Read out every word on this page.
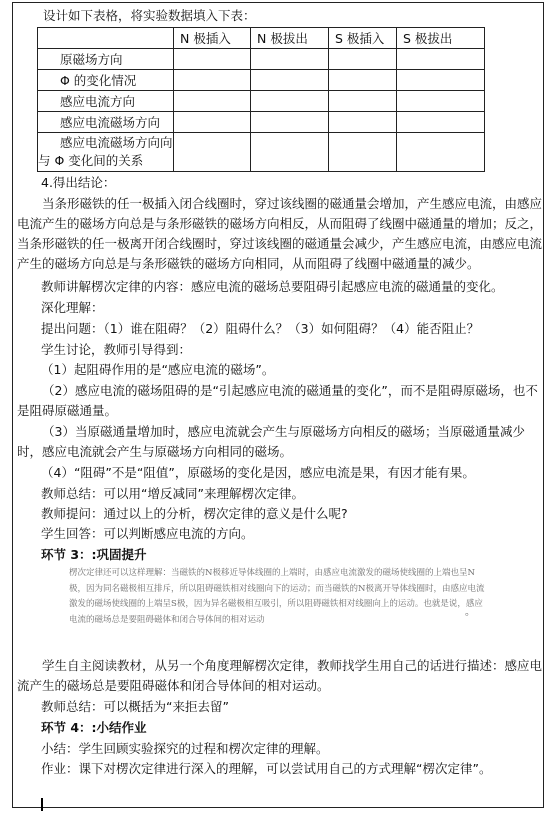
设计如下表格，将实验数据填入下表：
	N 极插入	N 极拔出	S 极插入	S 极拔出
原磁场方向				
Φ 的变化情况				
感应电流方向				
感应电流磁场方向				

感应电流磁场方向向
与 Φ 变化间的关系				

4.得出结论：
当条形磁铁的任一极插入闭合线圈时，穿过该线圈的磁通量会增加，产生感应电流，由感应电流产生的磁场方向总是与条形磁铁的磁场方向相反，从而阻碍了线圈中磁通量的增加；反之，当条形磁铁的任一极离开闭合线圈时，穿过该线圈的磁通量会减少，产生感应电流，由感应电流产生的磁场方向总是与条形磁铁的磁场方向相同，从而阻碍了线圈中磁通量的减少。
教师讲解楞次定律的内容：感应电流的磁场总要阻碍引起感应电流的磁通量的变化。
深化理解：
提出问题：（1）谁在阻碍？（2）阻碍什么？（3）如何阻碍？（4）能否阻止？
学生讨论，教师引导得到：
（1）起阻碍作用的是“感应电流的磁场”。
（2）感应电流的磁场阻碍的是“引起感应电流的磁通量的变化”，而不是阻碍原磁场，也不是阻碍原磁通量。
（3）当原磁通量增加时，感应电流就会产生与原磁场方向相反的磁场；当原磁通量减少时，感应电流就会产生与原磁场方向相同的磁场。
（4）“阻碍”不是“阻值”，原磁场的变化是因，感应电流是果，有因才能有果。
教师总结：可以用“增反减同”来理解楞次定律。
教师提问：通过以上的分析，楞次定律的意义是什么呢?
学生回答：可以判断感应电流的方向。
环节 3：:巩固提升
楞次定律还可以这样理解：当磁铁的N极移近导体线圈的上端时，由感应电流激发的磁场使线圈的上端也呈N极，因为同名磁极相互排斥，所以阻碍磁铁相对线圈向下的运动；而当磁铁的N极离开导体线圈时，由感应电流激发的磁场使线圈的上端呈S极，因为异名磁极相互吸引，所以阻碍磁铁相对线圈向上的运动。也就是说，感应电流的磁场总是要阻碍磁体和闭合导体间的相对运动
。
学生自主阅读教材，从另一个角度理解楞次定律，教师找学生用自己的话进行描述：感应电流产生的磁场总是要阻碍磁体和闭合导体间的相对运动。
教师总结：可以概括为“来拒去留”
环节 4：:小结作业
小结：学生回顾实验探究的过程和楞次定律的理解。
作业：课下对楞次定律进行深入的理解，可以尝试用自己的方式理解“楞次定律”。
